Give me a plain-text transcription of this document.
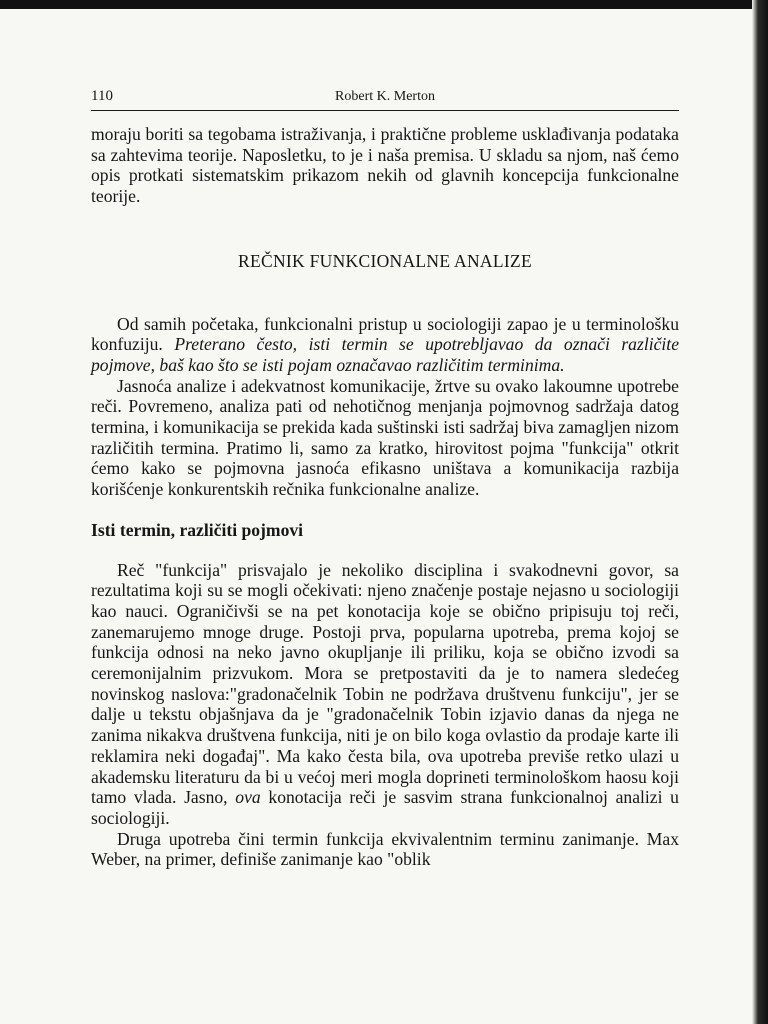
110	Robert K. Merton

moraju boriti sa tegobama istraživanja, i praktične probleme usklađivanja podataka sa zahtevima teorije. Naposletku, to je i naša premisa. U skladu sa njom, naš ćemo opis protkati sistematskim prikazom nekih od glavnih koncepcija funkcionalne teorije.

REČNIK FUNKCIONALNE ANALIZE

Od samih početaka, funkcionalni pristup u sociologiji zapao je u terminološku konfuziju. Preterano često, isti termin se upotrebljavao da označi različite pojmove, baš kao što se isti pojam označavao različitim terminima.

Jasnoća analize i adekvatnost komunikacije, žrtve su ovako lakoumne upotrebe reči. Povremeno, analiza pati od nehotičnog menjanja pojmovnog sadržaja datog termina, i komunikacija se prekida kada suštinski isti sadržaj biva zamagljen nizom različitih termina. Pratimo li, samo za kratko, hirovitost pojma "funkcija" otkrit ćemo kako se pojmovna jasnoća efikasno uništava a komunikacija razbija korišćenje konkurentskih rečnika funkcionalne analize.

Isti termin, različiti pojmovi

Reč "funkcija" prisvajalo je nekoliko disciplina i svakodnevni govor, sa rezultatima koji su se mogli očekivati: njeno značenje postaje nejasno u sociologiji kao nauci. Ograničivši se na pet konotacija koje se obično pripisuju toj reči, zanemarujemo mnoge druge. Postoji prva, popularna upotreba, prema kojoj se funkcija odnosi na neko javno okupljanje ili priliku, koja se obično izvodi sa ceremonijalnim prizvukom. Mora se pretpostaviti da je to namera sledećeg novinskog naslova:"gradonačelnik Tobin ne podržava društvenu funkciju", jer se dalje u tekstu objašnjava da je "gradonačelnik Tobin izjavio danas da njega ne zanima nikakva društvena funkcija, niti je on bilo koga ovlastio da prodaje karte ili reklamira neki događaj". Ma kako česta bila, ova upotreba previše retko ulazi u akademsku literaturu da bi u većoj meri mogla doprineti terminološkom haosu koji tamo vlada. Jasno, ova konotacija reči je sasvim strana funkcionalnoj analizi u sociologiji.

Druga upotreba čini termin funkcija ekvivalentnim terminu zanimanje. Max Weber, na primer, definiše zanimanje kao "oblik
